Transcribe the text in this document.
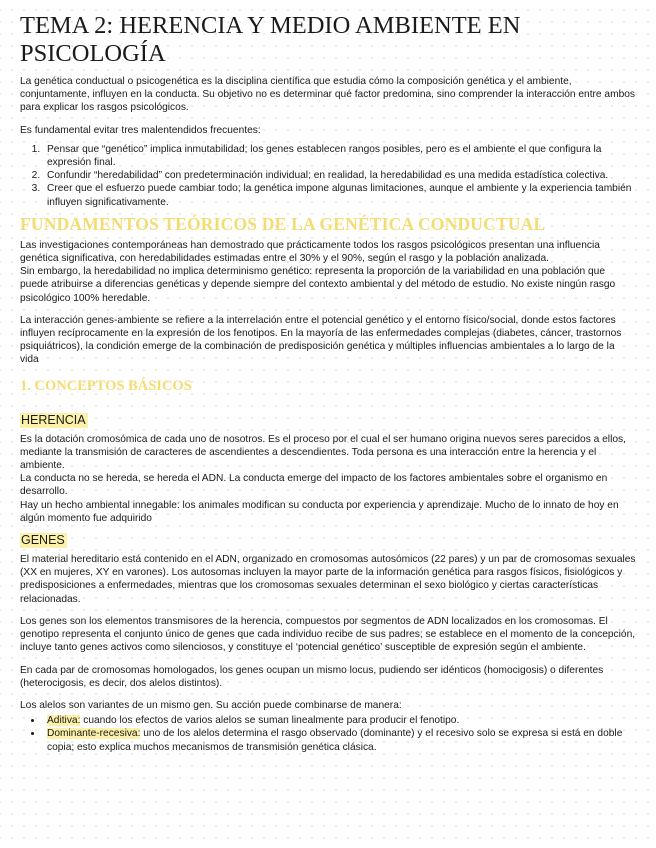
TEMA 2: HERENCIA Y MEDIO AMBIENTE EN PSICOLOGÍA

La genética conductual o psicogenética es la disciplina científica que estudia cómo la composición genética y el ambiente, conjuntamente, influyen en la conducta. Su objetivo no es determinar qué factor predomina, sino comprender la interacción entre ambos para explicar los rasgos psicológicos.

Es fundamental evitar tres malentendidos frecuentes:

1. Pensar que “genético” implica inmutabilidad; los genes establecen rangos posibles, pero es el ambiente el que configura la expresión final.
2. Confundir “heredabilidad” con predeterminación individual; en realidad, la heredabilidad es una medida estadística colectiva.
3. Creer que el esfuerzo puede cambiar todo; la genética impone algunas limitaciones, aunque el ambiente y la experiencia también influyen significativamente.
FUNDAMENTOS TEÓRICOS DE LA GENÉTICA CONDUCTUAL

Las investigaciones contemporáneas han demostrado que prácticamente todos los rasgos psicológicos presentan una influencia genética significativa, con heredabilidades estimadas entre el 30% y el 90%, según el rasgo y la población analizada.

Sin embargo, la heredabilidad no implica determinismo genético: representa la proporción de la variabilidad en una población que puede atribuirse a diferencias genéticas y depende siempre del contexto ambiental y del método de estudio. No existe ningún rasgo psicológico 100% heredable.

La interacción genes-ambiente se refiere a la interrelación entre el potencial genético y el entorno físico/social, donde estos factores influyen recíprocamente en la expresión de los fenotipos. En la mayoría de las enfermedades complejas (diabetes, cáncer, trastornos psiquiátricos), la condición emerge de la combinación de predisposición genética y múltiples influencias ambientales a lo largo de la vida

1. CONCEPTOS BÁSICOS
HERENCIA

Es la dotación cromosómica de cada uno de nosotros. Es el proceso por el cual el ser humano origina nuevos seres parecidos a ellos, mediante la transmisión de caracteres de ascendientes a descendientes. Toda persona es una interacción entre la herencia y el ambiente.

La conducta no se hereda, se hereda el ADN. La conducta emerge del impacto de los factores ambientales sobre el organismo en desarrollo.

Hay un hecho ambiental innegable: los animales modifican su conducta por experiencia y aprendizaje. Mucho de lo innato de hoy en algún momento fue adquirido

GENES

El material hereditario está contenido en el ADN, organizado en cromosomas autosómicos (22 pares) y un par de cromosomas sexuales (XX en mujeres, XY en varones). Los autosomas incluyen la mayor parte de la información genética para rasgos físicos, fisiológicos y predisposiciones a enfermedades, mientras que los cromosomas sexuales determinan el sexo biológico y ciertas características relacionadas.

Los genes son los elementos transmisores de la herencia, compuestos por segmentos de ADN localizados en los cromosomas. El genotipo representa el conjunto único de genes que cada individuo recibe de sus padres; se establece en el momento de la concepción, incluye tanto genes activos como silenciosos, y constituye el ‘potencial genético’ susceptible de expresión según el ambiente.

En cada par de cromosomas homologados, los genes ocupan un mismo locus, pudiendo ser idénticos (homocigosis) o diferentes (heterocigosis, es decir, dos alelos distintos).

Los alelos son variantes de un mismo gen. Su acción puede combinarse de manera:

• Aditiva: cuando los efectos de varios alelos se suman linealmente para producir el fenotipo.
• Dominante-recesiva: uno de los alelos determina el rasgo observado (dominante) y el recesivo solo se expresa si está en doble copia; esto explica muchos mecanismos de transmisión genética clásica.
